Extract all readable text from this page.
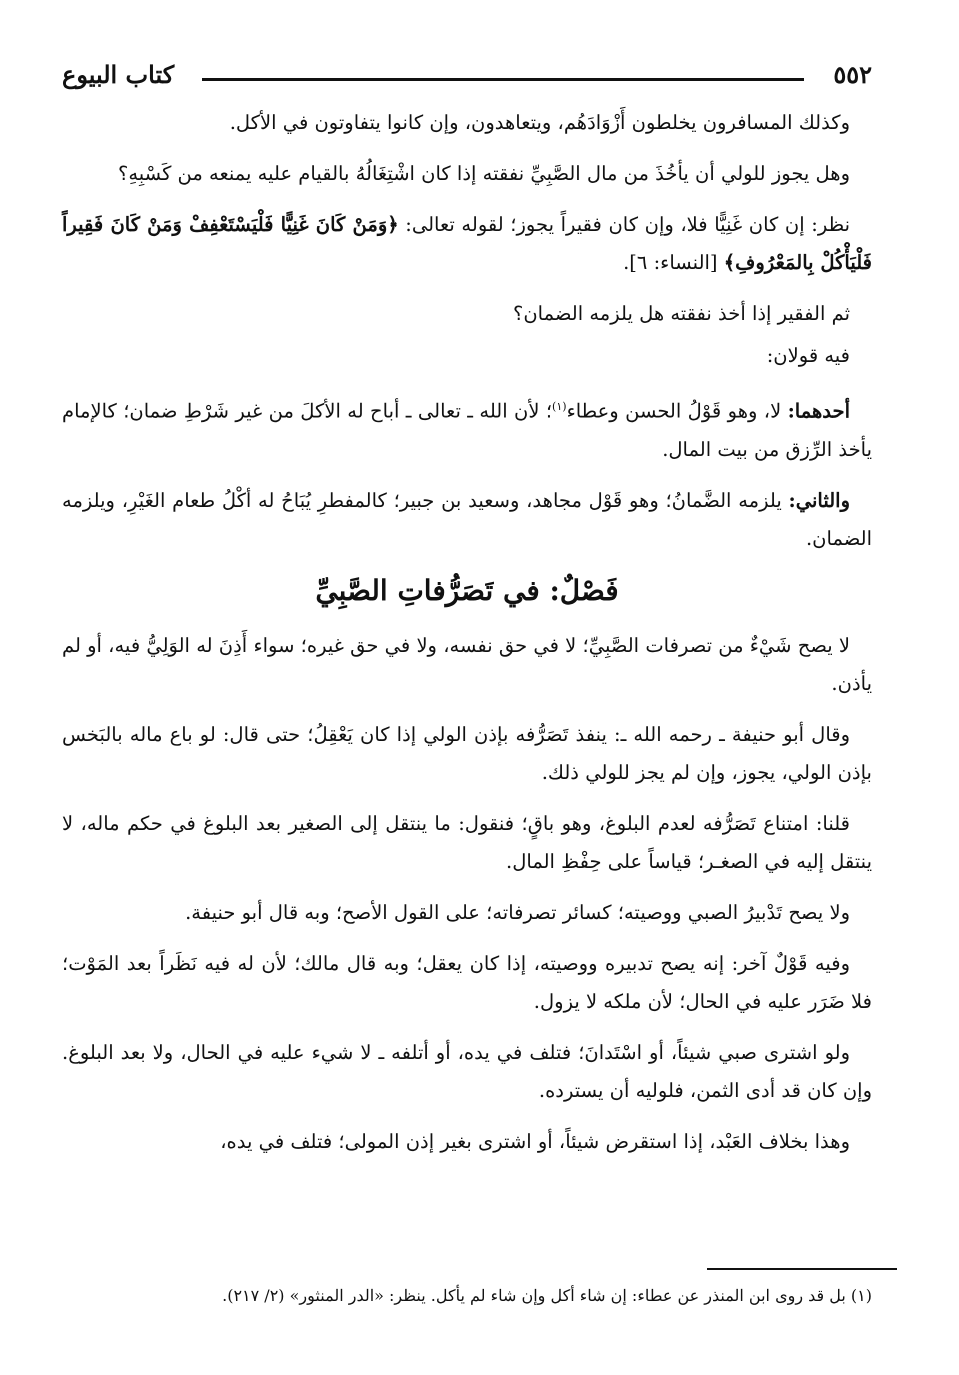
٥٥٢
كتاب البيوع

وكذلك المسافرون يخلطون أَزْوَادَهُم، ويتعاهدون، وإن كانوا يتفاوتون في الأكل.

وهل يجوز للولي أن يأخُذَ من مال الصَّبِيِّ نفقته إذا كان اشْتِغَالُهُ بالقيام عليه يمنعه من كَسْبِهِ؟

نظر: إن كان غَنِيًّا فلا، وإن كان فقيراً يجوز؛ لقوله تعالى: ﴿وَمَنْ كَانَ غَنِيًّا فَلْيَسْتَعْفِفْ وَمَنْ كَانَ فَقِيراً فَلْيَأْكُلْ بِالمَعْرُوفِ﴾ [النساء: ٦].

ثم الفقير إذا أخذ نفقته هل يلزمه الضمان؟

فيه قولان:

أحدهما: لا، وهو قَوْلُ الحسن وعطاء$^{(١)}$؛ لأن الله ـ تعالى ـ أباح له الأكلَ من غير شَرْطِ ضمان؛ كالإمام يأخذ الرِّزق من بيت المال.

والثاني: يلزمه الضَّمانُ؛ وهو قَوْل مجاهد، وسعيد بن جبير؛ كالمفطرِ يُبَاحُ له أكْلُ طعام الغَيْرِ، ويلزمه الضمان.

فَصْلٌ: في تَصَرُّفاتِ الصَّبِيِّ

لا يصح شَيْءٌ من تصرفات الصَّبِيِّ؛ لا في حق نفسه، ولا في حق غيره؛ سواء أَذِنَ له الوَلِيُّ فيه، أو لم يأذن.

وقال أبو حنيفة ـ رحمه الله ـ: ينفذ تَصَرُّفه بإذن الولي إذا كان يَعْقِلُ؛ حتى قال: لو باع ماله بالبَخس بإذن الولي، يجوز، وإن لم يجز للولي ذلك.

قلنا: امتناع تَصَرُّفه لعدم البلوغ، وهو باقٍ؛ فنقول: ما ينتقل إلى الصغير بعد البلوغ في حكم ماله، لا ينتقل إليه في الصغـر؛ قياساً على حِفْظِ المال.

ولا يصح تَدْبيرُ الصبي ووصيته؛ كسائر تصرفاته؛ على القول الأصح؛ وبه قال أبو حنيفة.

وفيه قَوْلٌ آخر: إنه يصح تدبيره ووصيته، إذا كان يعقل؛ وبه قال مالك؛ لأن له فيه نَظَراً بعد المَوْت؛ فلا ضَرَر عليه في الحال؛ لأن ملكه لا يزول.

ولو اشترى صبي شيئاً، أو اسْتَدانَ؛ فتلف في يده، أو أتلفه ـ لا شيء عليه في الحال، ولا بعد البلوغ. وإن كان قد أدى الثمن، فلوليه أن يسترده.

وهذا بخلاف العَبْد، إذا استقرض شيئاً، أو اشترى بغير إذن المولى؛ فتلف في يده،

(١) بل قد روى ابن المنذر عن عطاء: إن شاء أكل وإن شاء لم يأكل. ينظر: «الدر المنثور» (٢/ ٢١٧).
